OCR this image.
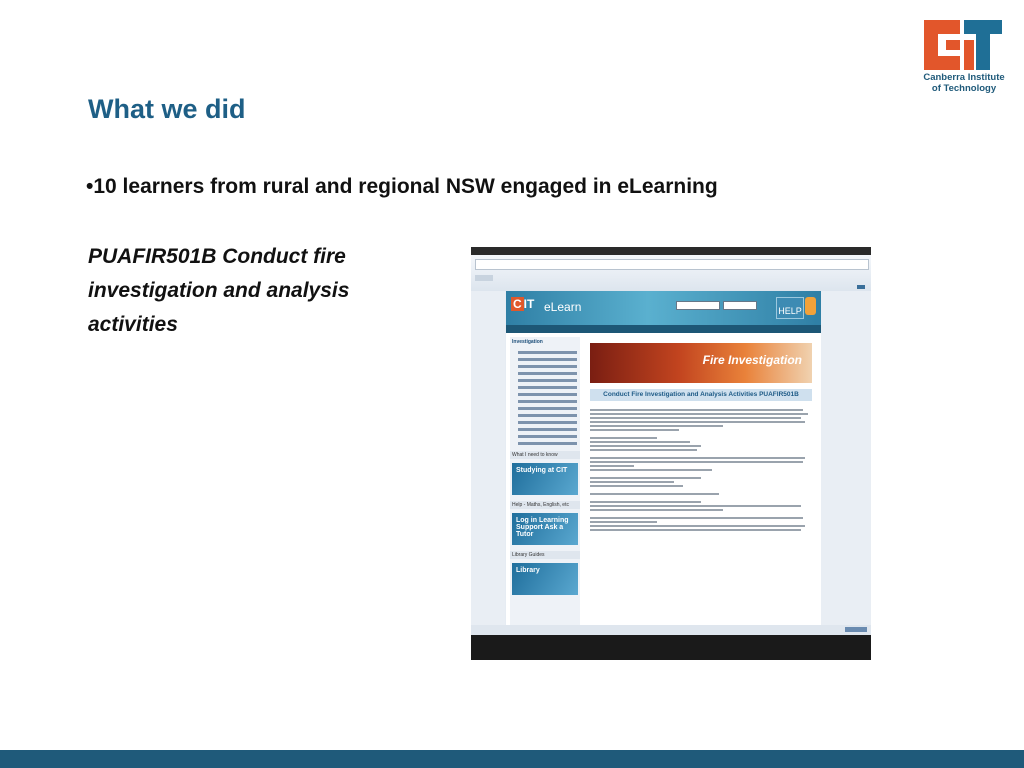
Canberra Institute
of Technology
What we did
•10 learners from rural and regional NSW engaged in eLearning
PUAFIR501B Conduct fire investigation and analysis activities
C IT eLearn	HELP
Investigation
What I need to know
Studying at CIT
Help - Maths, English, etc
Log in Learning Support Ask a Tutor
Library Guides
Library
Fire Investigation
Conduct Fire Investigation and Analysis Activities PUAFIR501B
